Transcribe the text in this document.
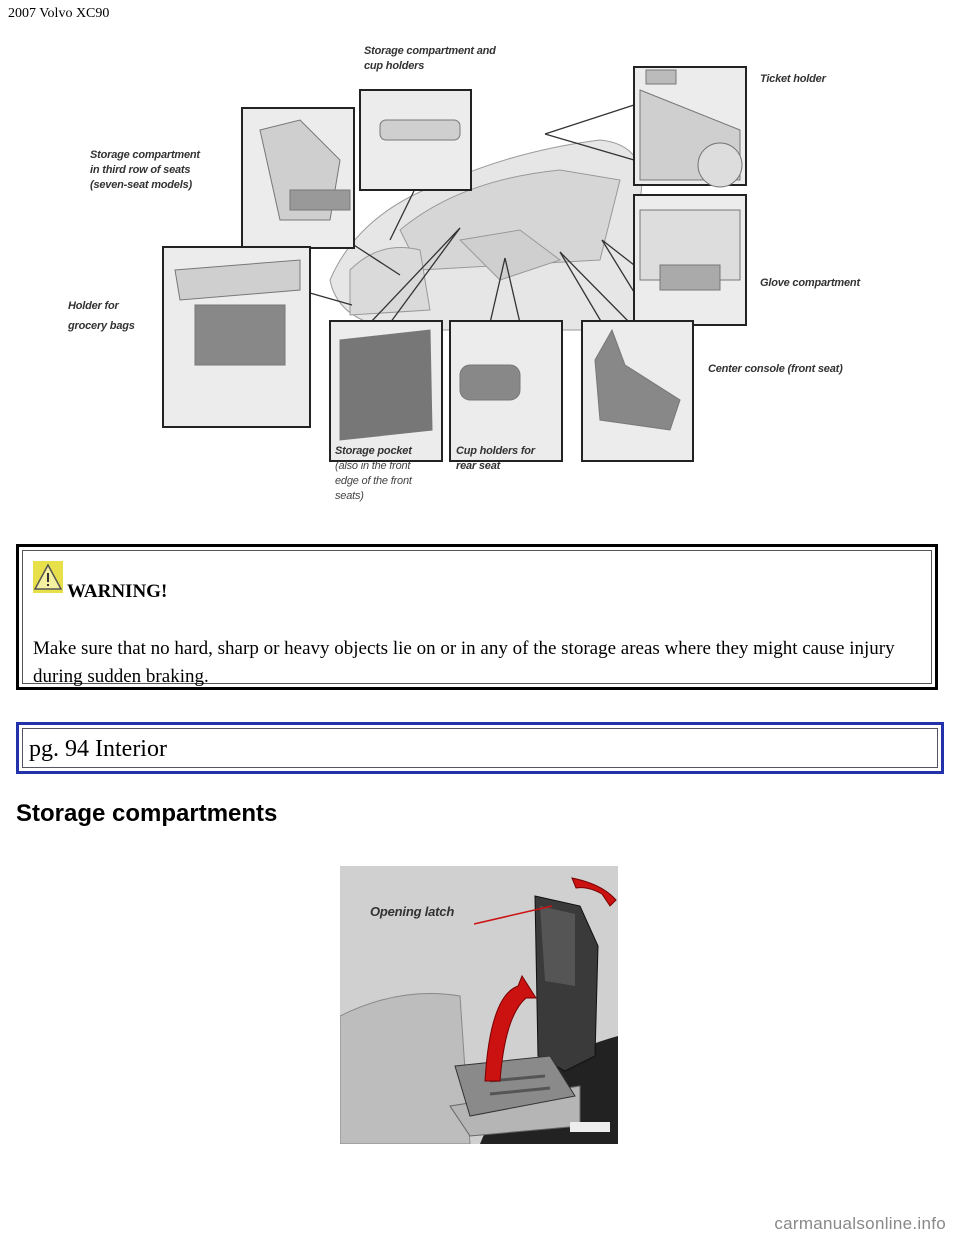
2007 Volvo XC90
Storage compartment and
cup holders
Ticket holder
Storage compartment
in third row of seats
(seven-seat models)
Holder for
grocery bags
Glove compartment
Center console (front seat)
Storage pocket
(also in the front
edge of the front
seats)
Cup holders for
rear seat
WARNING!
Make sure that no hard, sharp or heavy objects lie on or in any of the storage areas where they might cause injury during sudden braking.
pg. 94 Interior
Storage compartments
Opening latch
carmanualsonline.info
